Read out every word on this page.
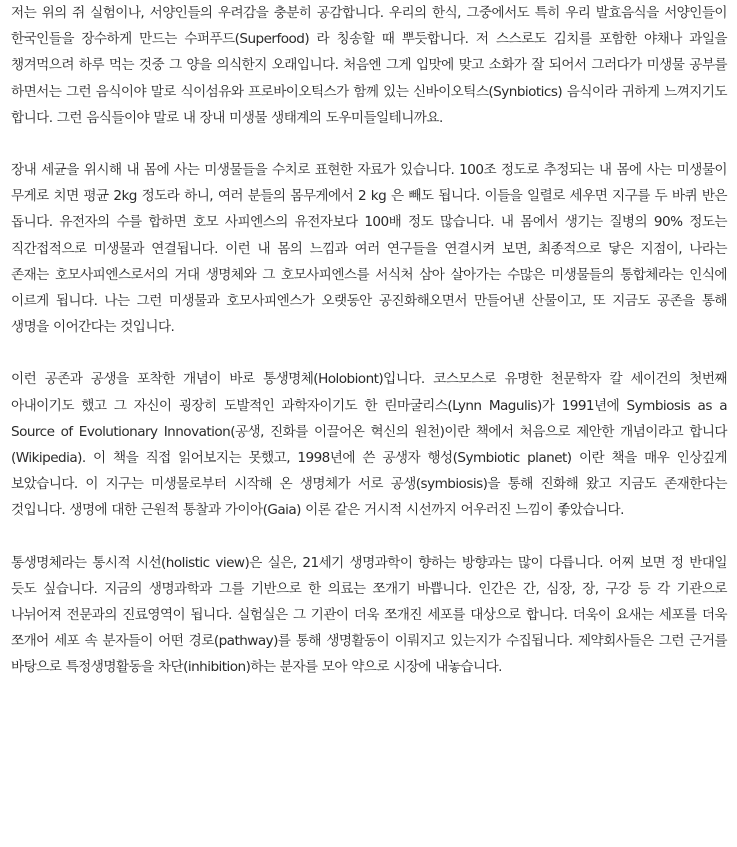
저는 위의 쥐 실험이나, 서양인들의 우려감을 충분히 공감합니다. 우리의 한식, 그중에서도 특히 우리 발효음식을 서양인들이 한국인들을 장수하게 만드는 수퍼푸드(Superfood) 라 칭송할 때 뿌듯합니다. 저 스스로도 김치를 포함한 야채나 과일을 챙겨먹으려 하루 먹는 것중 그 양을 의식한지 오래입니다. 처음엔 그게 입맛에 맞고 소화가 잘 되어서 그러다가 미생물 공부를 하면서는 그런 음식이야 말로 식이섬유와 프로바이오틱스가 함께 있는 신바이오틱스(Synbiotics) 음식이라 귀하게 느껴지기도 합니다. 그런 음식들이야 말로 내 장내 미생물 생태계의 도우미들일테니까요.

장내 세균을 위시해 내 몸에 사는 미생물들을 수치로 표현한 자료가 있습니다. 100조 정도로 추정되는 내 몸에 사는 미생물이 무게로 치면 평균 2kg 정도라 하니, 여러 분들의 몸무게에서 2 kg 은 빼도 됩니다. 이들을 일렬로 세우면 지구를 두 바퀴 반은 돕니다. 유전자의 수를 합하면 호모 사피엔스의 유전자보다 100배 정도 많습니다. 내 몸에서 생기는 질병의 90% 정도는 직간접적으로 미생물과 연결됩니다. 이런 내 몸의 느낌과 여러 연구들을 연결시켜 보면, 최종적으로 닿은 지점이, 나라는 존재는 호모사피엔스로서의 거대 생명체와 그 호모사피엔스를 서식처 삼아 살아가는 수많은 미생물들의 통합체라는 인식에 이르게 됩니다. 나는 그런 미생물과 호모사피엔스가 오랫동안 공진화해오면서 만들어낸 산물이고, 또 지금도 공존을 통해 생명을 이어간다는 것입니다.

이런 공존과 공생을 포착한 개념이 바로 통생명체(Holobiont)입니다. 코스모스로 유명한 천문학자 칼 세이건의 첫번째 아내이기도 했고 그 자신이 굉장히 도발적인 과학자이기도 한 린마굴리스(Lynn Magulis)가 1991년에 Symbiosis as a Source of Evolutionary Innovation(공생, 진화를 이끌어온 혁신의 원천)이란 책에서 처음으로 제안한 개념이라고 합니다(Wikipedia). 이 책을 직접 읽어보지는 못했고, 1998년에 쓴 공생자 행성(Symbiotic planet) 이란 책을 매우 인상깊게 보았습니다. 이 지구는 미생물로부터 시작해 온 생명체가 서로 공생(symbiosis)을 통해 진화해 왔고 지금도 존재한다는 것입니다. 생명에 대한 근원적 통찰과 가이아(Gaia) 이론 같은 거시적 시선까지 어우러진 느낌이 좋았습니다.

통생명체라는 통시적 시선(holistic view)은 실은, 21세기 생명과학이 향하는 방향과는 많이 다릅니다. 어찌 보면 정 반대일 듯도 싶습니다. 지금의 생명과학과 그를 기반으로 한 의료는 쪼개기 바쁩니다. 인간은 간, 심장, 장, 구강 등 각 기관으로 나뉘어져 전문과의 진료영역이 됩니다. 실험실은 그 기관이 더욱 쪼개진 세포를 대상으로 합니다. 더욱이 요새는 세포를 더욱 쪼개어 세포 속 분자들이 어떤 경로(pathway)를 통해 생명활동이 이뤄지고 있는지가 수집됩니다. 제약회사들은 그런 근거를 바탕으로 특정생명활동을 차단(inhibition)하는 분자를 모아 약으로 시장에 내놓습니다.
